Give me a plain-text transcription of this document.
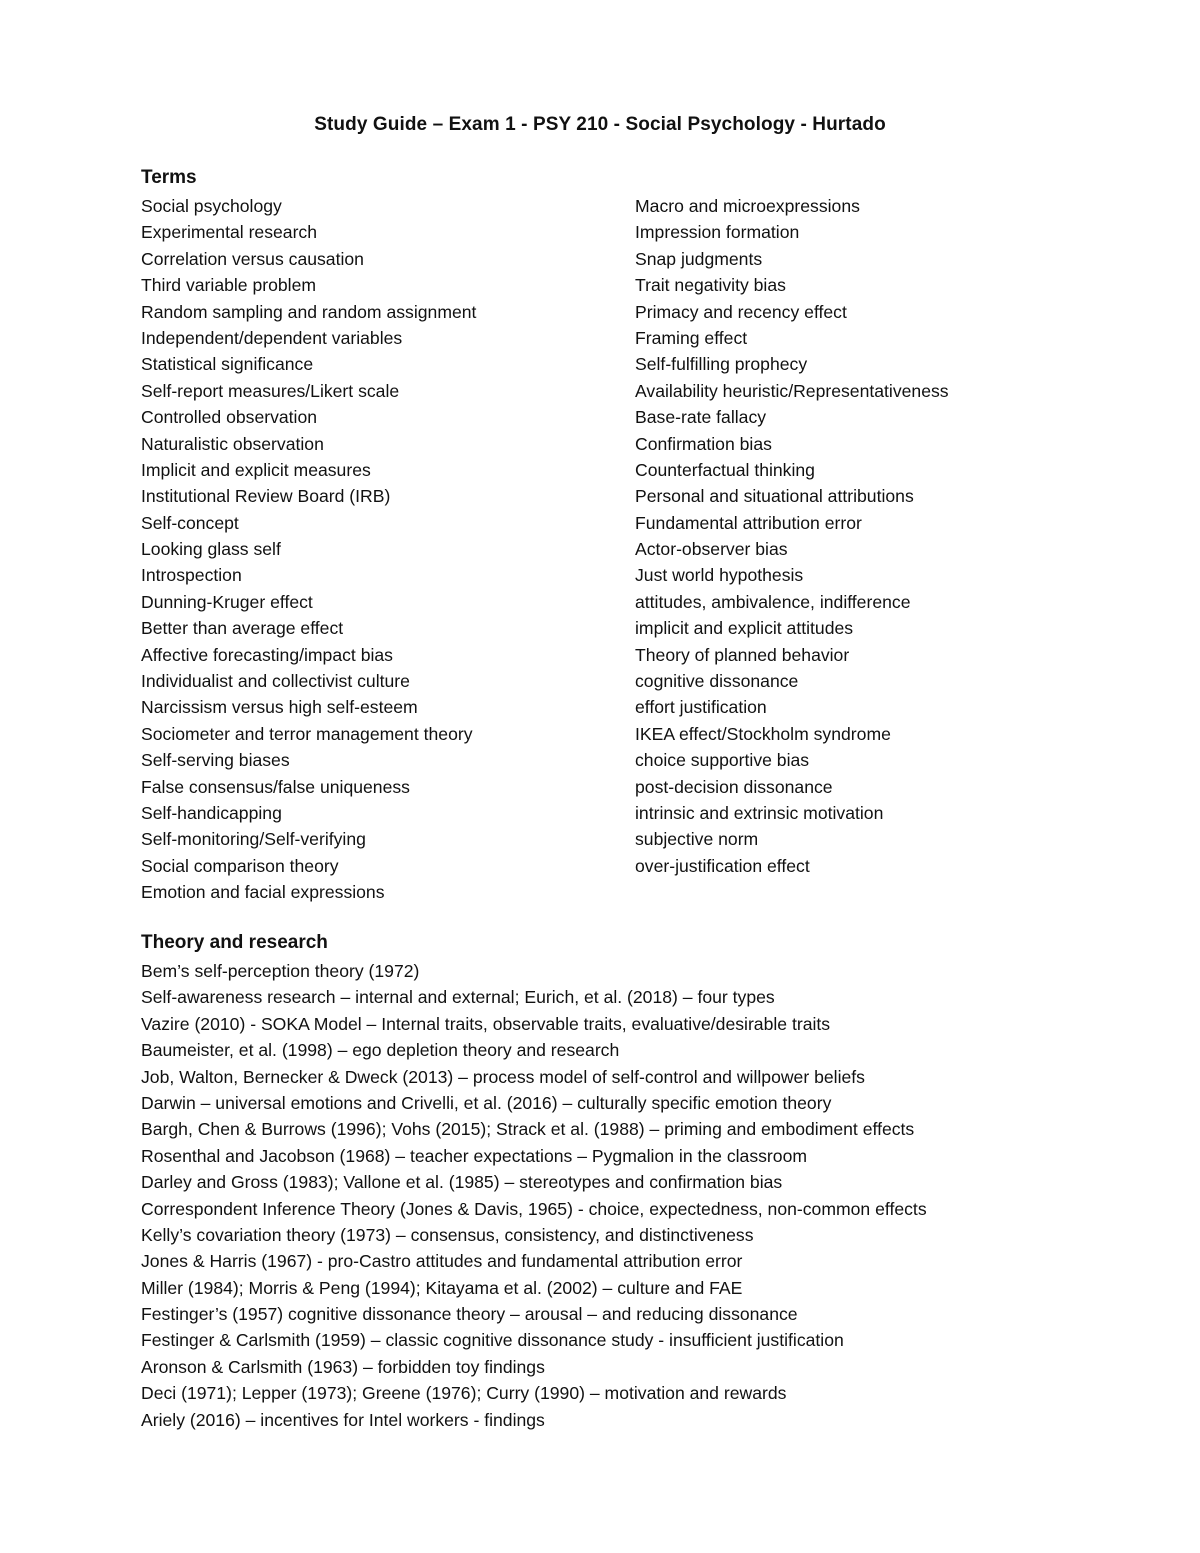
Study Guide – Exam 1 - PSY 210 - Social Psychology - Hurtado
Terms
Social psychology
Experimental research
Correlation versus causation
Third variable problem
Random sampling and random assignment
Independent/dependent variables
Statistical significance
Self-report measures/Likert scale
Controlled observation
Naturalistic observation
Implicit and explicit measures
Institutional Review Board (IRB)
Self-concept
Looking glass self
Introspection
Dunning-Kruger effect
Better than average effect
Affective forecasting/impact bias
Individualist and collectivist culture
Narcissism versus high self-esteem
Sociometer and terror management theory
Self-serving biases
False consensus/false uniqueness
Self-handicapping
Self-monitoring/Self-verifying
Social comparison theory
Emotion and facial expressions
Macro and microexpressions
Impression formation
Snap judgments
Trait negativity bias
Primacy and recency effect
Framing effect
Self-fulfilling prophecy
Availability heuristic/Representativeness
Base-rate fallacy
Confirmation bias
Counterfactual thinking
Personal and situational attributions
Fundamental attribution error
Actor-observer bias
Just world hypothesis
attitudes, ambivalence, indifference
implicit and explicit attitudes
Theory of planned behavior
cognitive dissonance
effort justification
IKEA effect/Stockholm syndrome
choice supportive bias
post-decision dissonance
intrinsic and extrinsic motivation
subjective norm
over-justification effect
Theory and research
Bem’s self-perception theory (1972)
Self-awareness research – internal and external; Eurich, et al. (2018) – four types
Vazire (2010) - SOKA Model – Internal traits, observable traits, evaluative/desirable traits
Baumeister, et al. (1998) – ego depletion theory and research
Job, Walton, Bernecker & Dweck (2013) – process model of self-control and willpower beliefs
Darwin – universal emotions and Crivelli, et al. (2016) – culturally specific emotion theory
Bargh, Chen & Burrows (1996); Vohs (2015); Strack et al. (1988) – priming and embodiment effects
Rosenthal and Jacobson (1968) – teacher expectations – Pygmalion in the classroom
Darley and Gross (1983); Vallone et al. (1985) – stereotypes and confirmation bias
Correspondent Inference Theory (Jones & Davis, 1965) - choice, expectedness, non-common effects
Kelly’s covariation theory (1973) – consensus, consistency, and distinctiveness
Jones & Harris (1967) - pro-Castro attitudes and fundamental attribution error
Miller (1984); Morris & Peng (1994); Kitayama et al. (2002) – culture and FAE
Festinger’s (1957) cognitive dissonance theory – arousal – and reducing dissonance
Festinger & Carlsmith (1959) – classic cognitive dissonance study - insufficient justification
Aronson & Carlsmith (1963) – forbidden toy findings
Deci (1971); Lepper (1973); Greene (1976); Curry (1990) – motivation and rewards
Ariely (2016) – incentives for Intel workers - findings
